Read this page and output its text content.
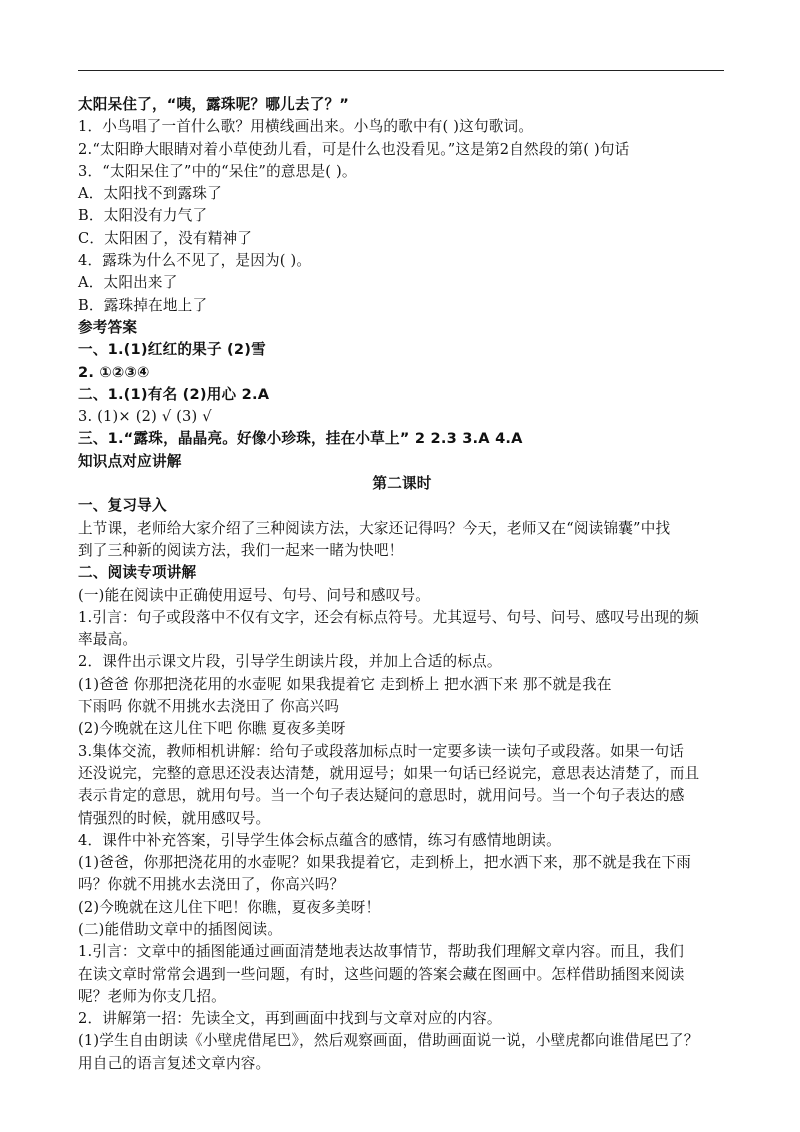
太阳呆住了，“咦，露珠呢？哪儿去了？”
1．小鸟唱了一首什么歌？用横线画出来。小鸟的歌中有( )这句歌词。
2.“太阳睁大眼睛对着小草使劲儿看，可是什么也没看见。”这是第2自然段的第( )句话
3．“太阳呆住了”中的“呆住”的意思是( )。
A．太阳找不到露珠了
B．太阳没有力气了
C．太阳困了，没有精神了
4．露珠为什么不见了，是因为( )。
A．太阳出来了
B．露珠掉在地上了
参考答案
一、1.(1)红红的果子 (2)雪
2. ①②③④
二、1.(1)有名 (2)用心 2.A
3. (1)× (2) √ (3) √
三、1.“露珠，晶晶亮。好像小珍珠，挂在小草上” 2 2.3 3.A 4.A
知识点对应讲解
第二课时
一、复习导入
上节课，老师给大家介绍了三种阅读方法，大家还记得吗？今天，老师又在“阅读锦囊”中找
到了三种新的阅读方法，我们一起来一睹为快吧！
二、阅读专项讲解
(一)能在阅读中正确使用逗号、句号、问号和感叹号。
1.引言：句子或段落中不仅有文字，还会有标点符号。尤其逗号、句号、问号、感叹号出现的频
率最高。
2．课件出示课文片段，引导学生朗读片段，并加上合适的标点。
(1)爸爸 你那把浇花用的水壶呢 如果我提着它 走到桥上 把水洒下来 那不就是我在
下雨吗 你就不用挑水去浇田了 你高兴吗
(2)今晚就在这儿住下吧 你瞧 夏夜多美呀
3.集体交流，教师相机讲解：给句子或段落加标点时一定要多读一读句子或段落。如果一句话
还没说完，完整的意思还没表达清楚，就用逗号；如果一句话已经说完，意思表达清楚了，而且
表示肯定的意思，就用句号。当一个句子表达疑问的意思时，就用问号。当一个句子表达的感
情强烈的时候，就用感叹号。
4．课件中补充答案，引导学生体会标点蕴含的感情，练习有感情地朗读。
(1)爸爸，你那把浇花用的水壶呢？如果我提着它，走到桥上，把水洒下来，那不就是我在下雨
吗？你就不用挑水去浇田了，你高兴吗？
(2)今晚就在这儿住下吧！你瞧，夏夜多美呀！
(二)能借助文章中的插图阅读。
1.引言：文章中的插图能通过画面清楚地表达故事情节，帮助我们理解文章内容。而且，我们
在读文章时常常会遇到一些问题，有时，这些问题的答案会藏在图画中。怎样借助插图来阅读
呢？老师为你支几招。
2．讲解第一招：先读全文，再到画面中找到与文章对应的内容。
(1)学生自由朗读《小壁虎借尾巴》，然后观察画面，借助画面说一说，小壁虎都向谁借尾巴了？
用自己的语言复述文章内容。
